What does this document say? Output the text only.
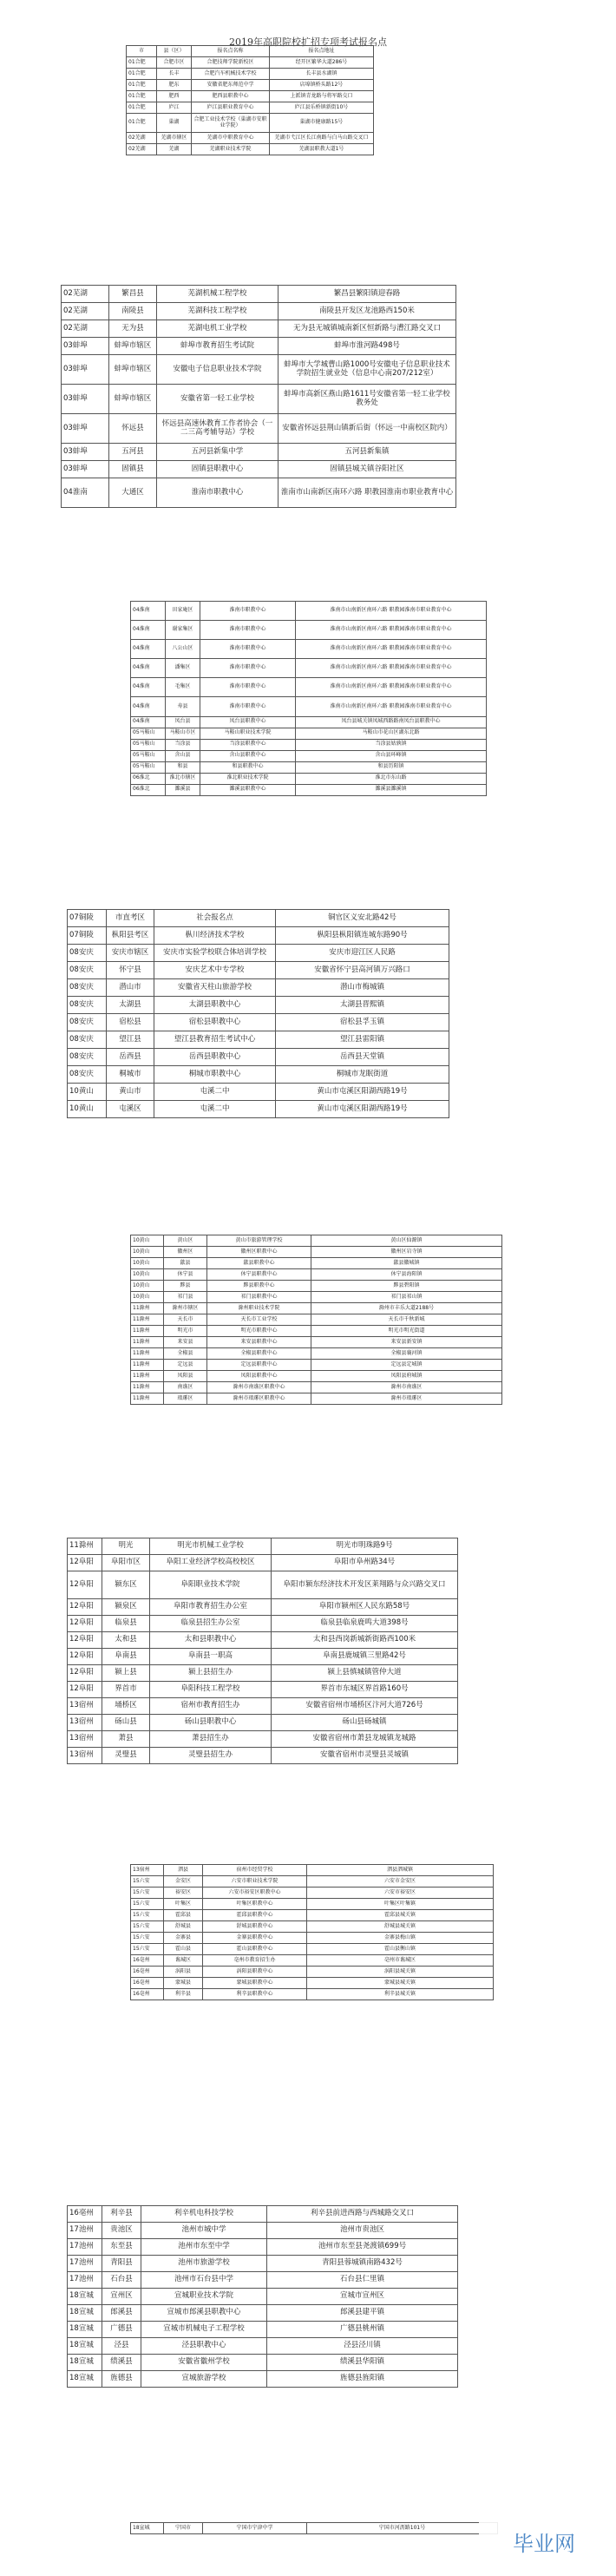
2019年高职院校扩招专项考试报名点
市	县（区）	报名点名称	报名点地址
01合肥	合肥市区	合肥技师学院新校区	经开区繁华大道286号
01合肥	长丰	合肥汽车机械技术学校	长丰县水湖镇
01合肥	肥东	安徽省肥东师范中学	店埠镇桥头路12号
01合肥	肥西	肥西县职教中心	上派镇青龙路与将军路交口
01合肥	庐江	庐江县职业教育中心	庐江县乐桥镇新街10号
01合肥	巢湖	合肥工业技术学校（巢湖市安职业学院）	巢湖市健康路15号
02芜湖	芜湖市辖区	芜湖市中职教育中心	芜湖市弋江区长江南路与白马山路交叉口
02芜湖	芜湖	芜湖职业技术学院	芜湖县职教大道1号
02芜湖	繁昌县	芜湖机械工程学校	繁昌县繁阳镇迎春路
02芜湖	南陵县	芜湖科技工程学校	南陵县开发区龙池路西150米
02芜湖	无为县	芜湖电机工业学校	无为县无城镇城南新区恒新路与漕江路交叉口
03蚌埠	蚌埠市辖区	蚌埠市教育招生考试院	蚌埠市淮河路498号
03蚌埠	蚌埠市辖区	安徽电子信息职业技术学院	蚌埠市大学城曹山路1000号安徽电子信息职业技术学院招生就业处（信息中心南207/212室）
03蚌埠	蚌埠市辖区	安徽省第一轻工业学校	蚌埠市高新区燕山路1611号安徽省第一轻工业学校教务处
03蚌埠	怀远县	怀远县高速休教育工作者协会（一二三高考辅导站）学校	安徽省怀远县荆山镇新后街（怀远一中南校区院内）
03蚌埠	五河县	五河县新集中学	五河县新集镇
03蚌埠	固镇县	固镇县职教中心	固镇县城关镇谷阳社区
04淮南	大通区	淮南市职教中心	淮南市山南新区南环六路 职教园淮南市职业教育中心
04淮南	田家庵区	淮南市职教中心	淮南市山南新区南环六路 职教园淮南市职业教育中心
04淮南	谢家集区	淮南市职教中心	淮南市山南新区南环六路 职教园淮南市职业教育中心
04淮南	八公山区	淮南市职教中心	淮南市山南新区南环六路 职教园淮南市职业教育中心
04淮南	潘集区	淮南市职教中心	淮南市山南新区南环六路 职教园淮南市职业教育中心
04淮南	毛集区	淮南市职教中心	淮南市山南新区南环六路 职教园淮南市职业教育中心
04淮南	寿县	淮南市职教中心	淮南市山南新区南环六路 职教园淮南市职业教育中心
04淮南	凤台县	凤台县职教中心	凤台县城关镇凤城西路路南凤台县职教中心
05马鞍山	马鞍山市区	马鞍山职业技术学院	马鞍山市花山区湖东北路
05马鞍山	当涂县	当涂县职教中心	当涂县姑孰镇
05马鞍山	含山县	含山县职教中心	含山县环峰镇
05马鞍山	和县	和县职教中心	和县历阳镇
06淮北	淮北市辖区	淮北职业技术学院	淮北市东山路
06淮北	濉溪县	濉溪县职教中心	濉溪县濉溪镇
07铜陵	市直考区	社会报名点	铜官区义安北路42号
07铜陵	枞阳县考区	枞川经济技术学校	枞阳县枞阳镇连城东路90号
08安庆	安庆市辖区	安庆市实验学校联合体培训学校	安庆市迎江区人民路
08安庆	怀宁县	安庆艺术中专学校	安徽省怀宁县高河镇万兴路口
08安庆	潜山市	安徽省天柱山旅游学校	潜山市梅城镇
08安庆	太湖县	太湖县职教中心	太湖县晋熙镇
08安庆	宿松县	宿松县职教中心	宿松县孚玉镇
08安庆	望江县	望江县教育招生考试中心	望江县雷阳镇
08安庆	岳西县	岳西县职教中心	岳西县天堂镇
08安庆	桐城市	桐城市职教中心	桐城市龙眠街道
10黄山	黄山市	屯溪二中	黄山市屯溪区阳湖西路19号
10黄山	屯溪区	屯溪二中	黄山市屯溪区阳湖西路19号
10黄山	黄山区	黄山市旅游管理学校	黄山区仙源镇
10黄山	徽州区	徽州区职教中心	徽州区岩寺镇
10黄山	歙县	歙县职教中心	歙县徽城镇
10黄山	休宁县	休宁县职教中心	休宁县海阳镇
10黄山	黟县	黟县职教中心	黟县碧阳镇
10黄山	祁门县	祁门县职教中心	祁门县祁山镇
11滁州	滁州市辖区	滁州职业技术学院	滁州市丰乐大道2188号
11滁州	天长市	天长市工业学校	天长市千秋新城
11滁州	明光市	明光市职教中心	明光市明光街道
11滁州	来安县	来安县职教中心	来安县新安镇
11滁州	全椒县	全椒县职教中心	全椒县襄河镇
11滁州	定远县	定远县职教中心	定远县定城镇
11滁州	凤阳县	凤阳县职教中心	凤阳县府城镇
11滁州	南谯区	滁州市南谯区职教中心	滁州市南谯区
11滁州	琅琊区	滁州市琅琊区职教中心	滁州市琅琊区
11滁州	明光	明光市机械工业学校	明光市明珠路9号
12阜阳	阜阳市区	阜阳工业经济学校高校校区	阜阳市阜州路34号
12阜阳	颍东区	阜阳职业技术学院	阜阳市颍东经济技术开发区莱翔路与众兴路交叉口
12阜阳	颍泉区	阜阳市教育招生办公室	阜阳市颍州区人民东路58号
12阜阳	临泉县	临泉县招生办公室	临泉县临泉鹿鸣大道398号
12阜阳	太和县	太和县职教中心	太和县西岗新城新街路西100米
12阜阳	阜南县	阜南县一职高	阜南县鹿城镇三里路42号
12阜阳	颍上县	颍上县招生办	颍上县慎城镇管仲大道
12阜阳	界首市	阜阳科技工程学校	界首市东城区界首路160号
13宿州	埇桥区	宿州市教育招生办	安徽省宿州市埇桥区汴河大道726号
13宿州	砀山县	砀山县职教中心	砀山县砀城镇
13宿州	萧县	萧县招生办	安徽省宿州市萧县龙城镇龙城路
13宿州	灵璧县	灵璧县招生办	安徽省宿州市灵璧县灵城镇
13宿州	泗县	宿州市经贸学校	泗县泗城镇
15六安	金安区	六安市职业技术学院	六安市金安区
15六安	裕安区	六安市裕安区职教中心	六安市裕安区
15六安	叶集区	叶集区职教中心	叶集区叶集镇
15六安	霍邱县	霍邱县职教中心	霍邱县城关镇
15六安	舒城县	舒城县职教中心	舒城县城关镇
15六安	金寨县	金寨县职教中心	金寨县梅山镇
15六安	霍山县	霍山县职教中心	霍山县衡山镇
16亳州	谯城区	亳州市教育招生办	亳州市谯城区
16亳州	涡阳县	涡阳县职教中心	涡阳县城关镇
16亳州	蒙城县	蒙城县职教中心	蒙城县城关镇
16亳州	利辛县	利辛县职教中心	利辛县城关镇
16亳州	利辛县	利辛机电科技学校	利辛县前进西路与西城路交叉口
17池州	贵池区	池州市城中学	池州市贵池区
17池州	东至县	池州市东至中学	池州市东至县尧渡镇699号
17池州	青阳县	池州市旅游学校	青阳县蓉城镇南路432号
17池州	石台县	池州市石台县中学	石台县仁里镇
18宣城	宣州区	宣城职业技术学院	宣城市宣州区
18宣城	郎溪县	宣城市郎溪县职教中心	郎溪县建平镇
18宣城	广德县	宣城市机械电子工程学校	广德县桃州镇
18宣城	泾县	泾县职教中心	泾县泾川镇
18宣城	绩溪县	安徽省徽州学校	绩溪县华阳镇
18宣城	旌德县	宣城旅游学校	旌德县旌阳镇
18宣城	宁国市	宁国市宁津中学	宁国市河沥路101号
毕业网
